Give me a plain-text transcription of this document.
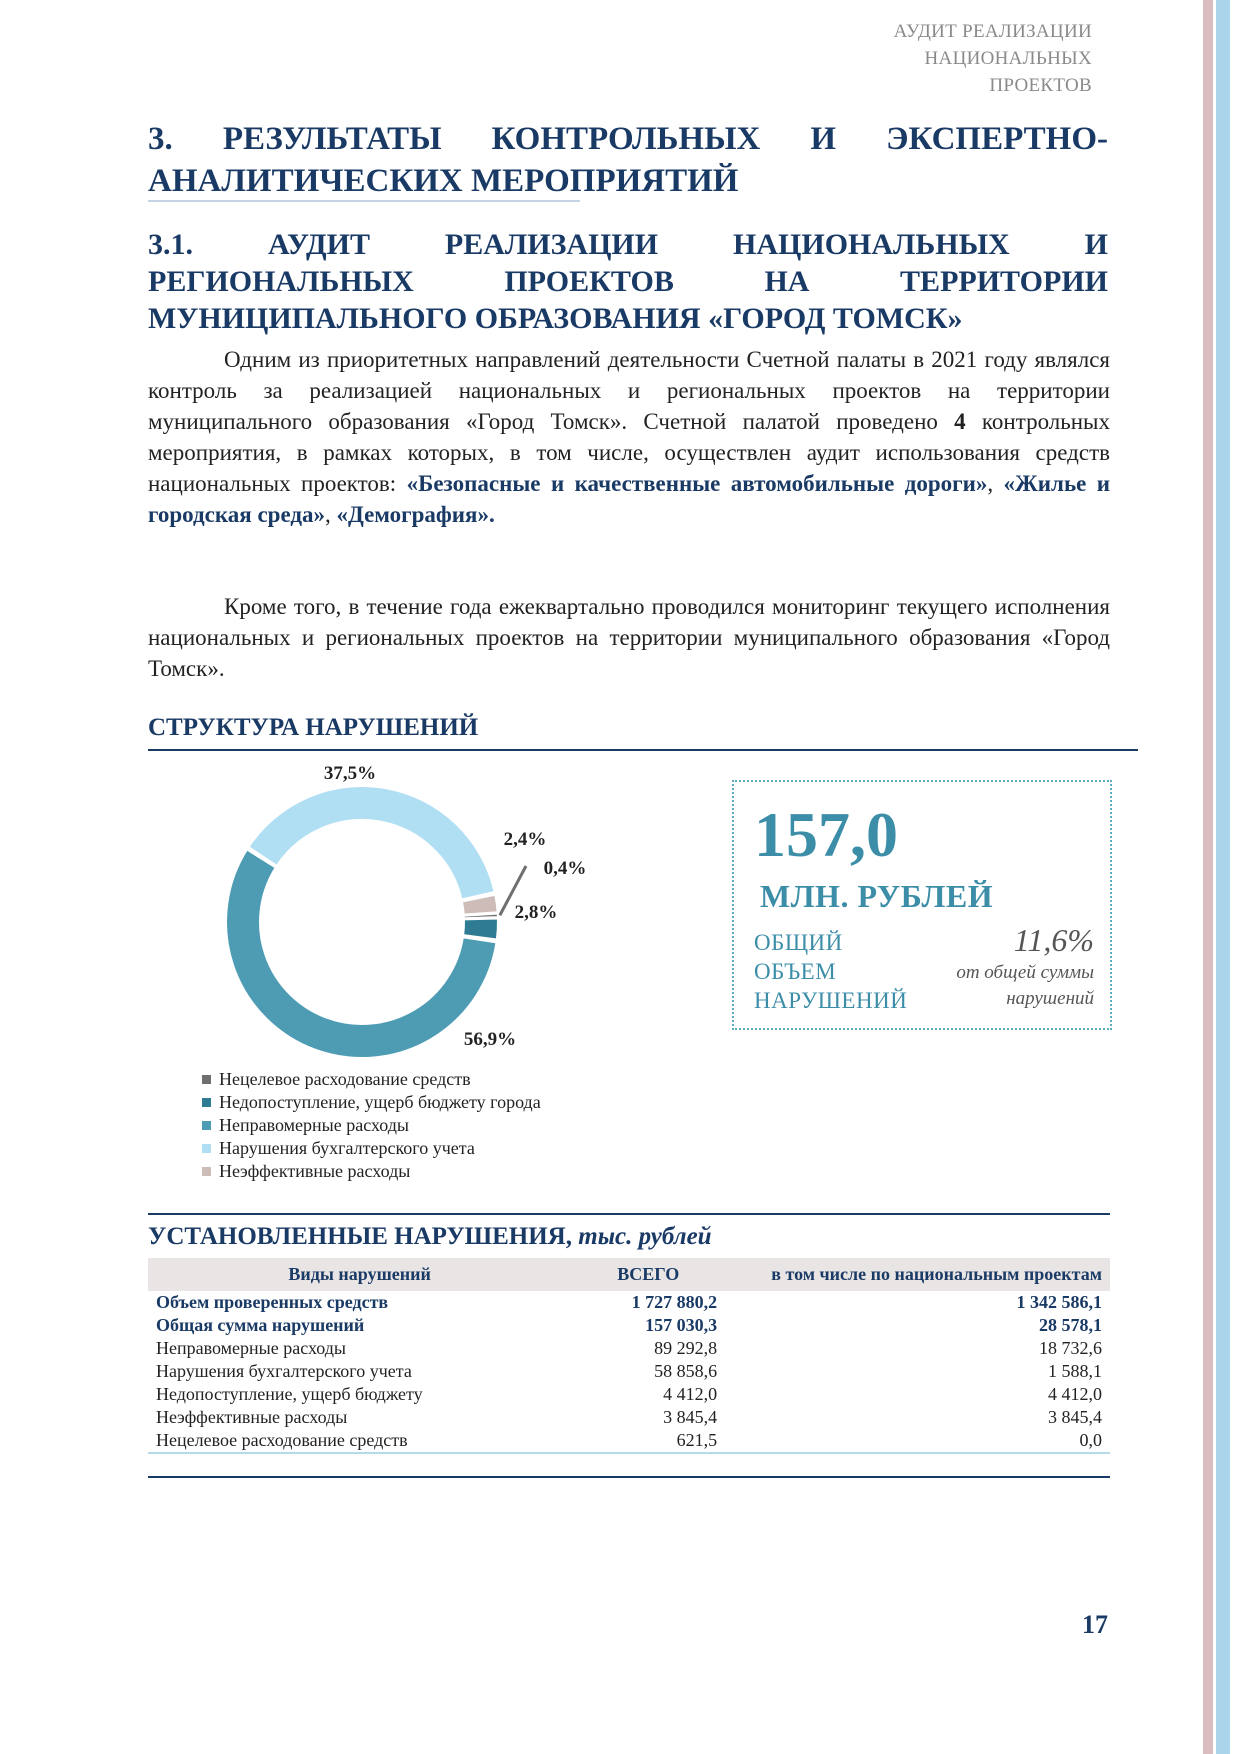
АУДИТ РЕАЛИЗАЦИИ
НАЦИОНАЛЬНЫХ
ПРОЕКТОВ
3. РЕЗУЛЬТАТЫ КОНТРОЛЬНЫХ И ЭКСПЕРТНО-АНАЛИТИЧЕСКИХ МЕРОПРИЯТИЙ
3.1. АУДИТ РЕАЛИЗАЦИИ НАЦИОНАЛЬНЫХ И РЕГИОНАЛЬНЫХ ПРОЕКТОВ НА ТЕРРИТОРИИ МУНИЦИПАЛЬНОГО ОБРАЗОВАНИЯ «ГОРОД ТОМСК»

Одним из приоритетных направлений деятельности Счетной палаты в 2021 году являлся контроль за реализацией национальных и региональных проектов на территории муниципального образования «Город Томск». Счетной палатой проведено 4 контрольных мероприятия, в рамках которых, в том числе, осуществлен аудит использования средств национальных проектов: «Безопасные и качественные автомобильные дороги», «Жилье и городская среда», «Демография».

Кроме того, в течение года ежеквартально проводился мониторинг текущего исполнения национальных и региональных проектов на территории муниципального образования «Город Томск».

СТРУКТУРА НАРУШЕНИЙ
56,9%
37,5%
2,4%
0,4%
2,8%
Нецелевое расходование средств
Недопоступление, ущерб бюджету города
Неправомерные расходы
Нарушения бухгалтерского учета
Неэффективные расходы
157,0
МЛН. РУБЛЕЙ
ОБЩИЙ
ОБЪЕМ
НАРУШЕНИЙ
11,6%
от общей суммы
нарушений
УСТАНОВЛЕННЫЕ НАРУШЕНИЯ, тыс. рублей
Виды нарушений	ВСЕГО	в том числе по национальным проектам
Объем проверенных средств	1 727 880,2	1 342 586,1
Общая сумма нарушений	157 030,3	28 578,1
Неправомерные расходы	89 292,8	18 732,6
Нарушения бухгалтерского учета	58 858,6	1 588,1
Недопоступление, ущерб бюджету	4 412,0	4 412,0
Неэффективные расходы	3 845,4	3 845,4
Нецелевое расходование средств	621,5	0,0
17
